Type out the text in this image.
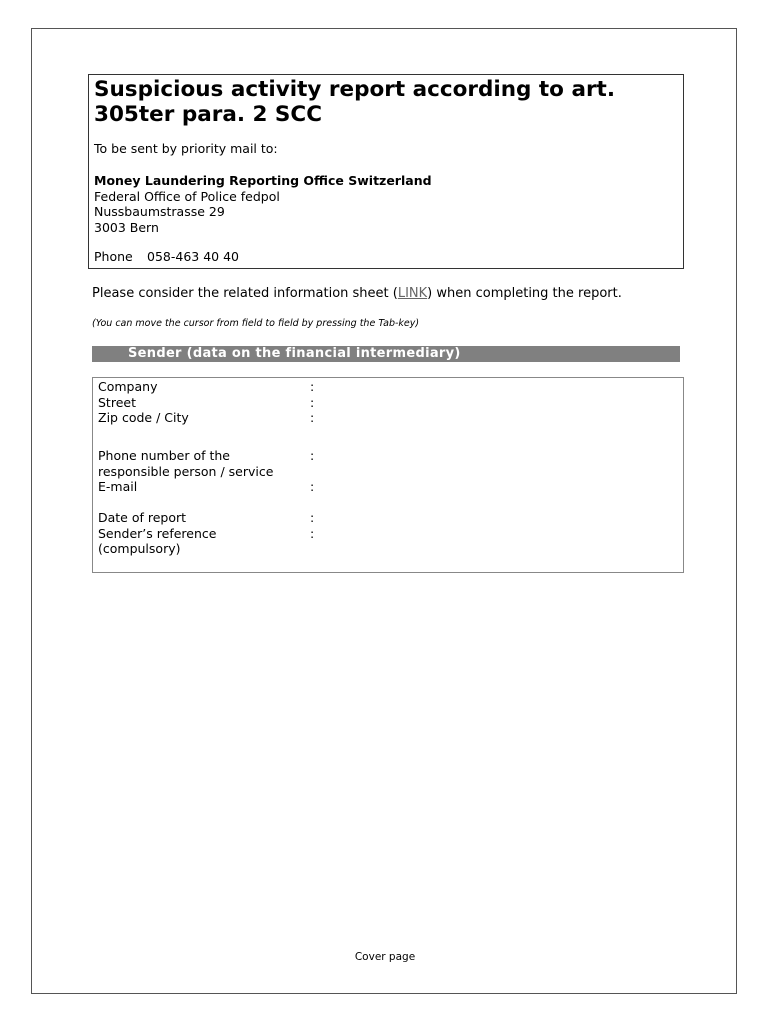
Suspicious activity report according to art. 305ter para. 2 SCC
To be sent by priority mail to:
Money Laundering Reporting Office Switzerland
Federal Office of Police fedpol
Nussbaumstrasse 29
3003 Bern
Phone 058-463 40 40
Please consider the related information sheet (LINK) when completing the report.
(You can move the cursor from field to field by pressing the Tab-key)
Sender (data on the financial intermediary)
Company	:
Street	:
Zip code / City	:
Phone number of the
responsible person / service:
E-mail	:
Date of report	:
Sender’s reference
(compulsory):
Cover page
